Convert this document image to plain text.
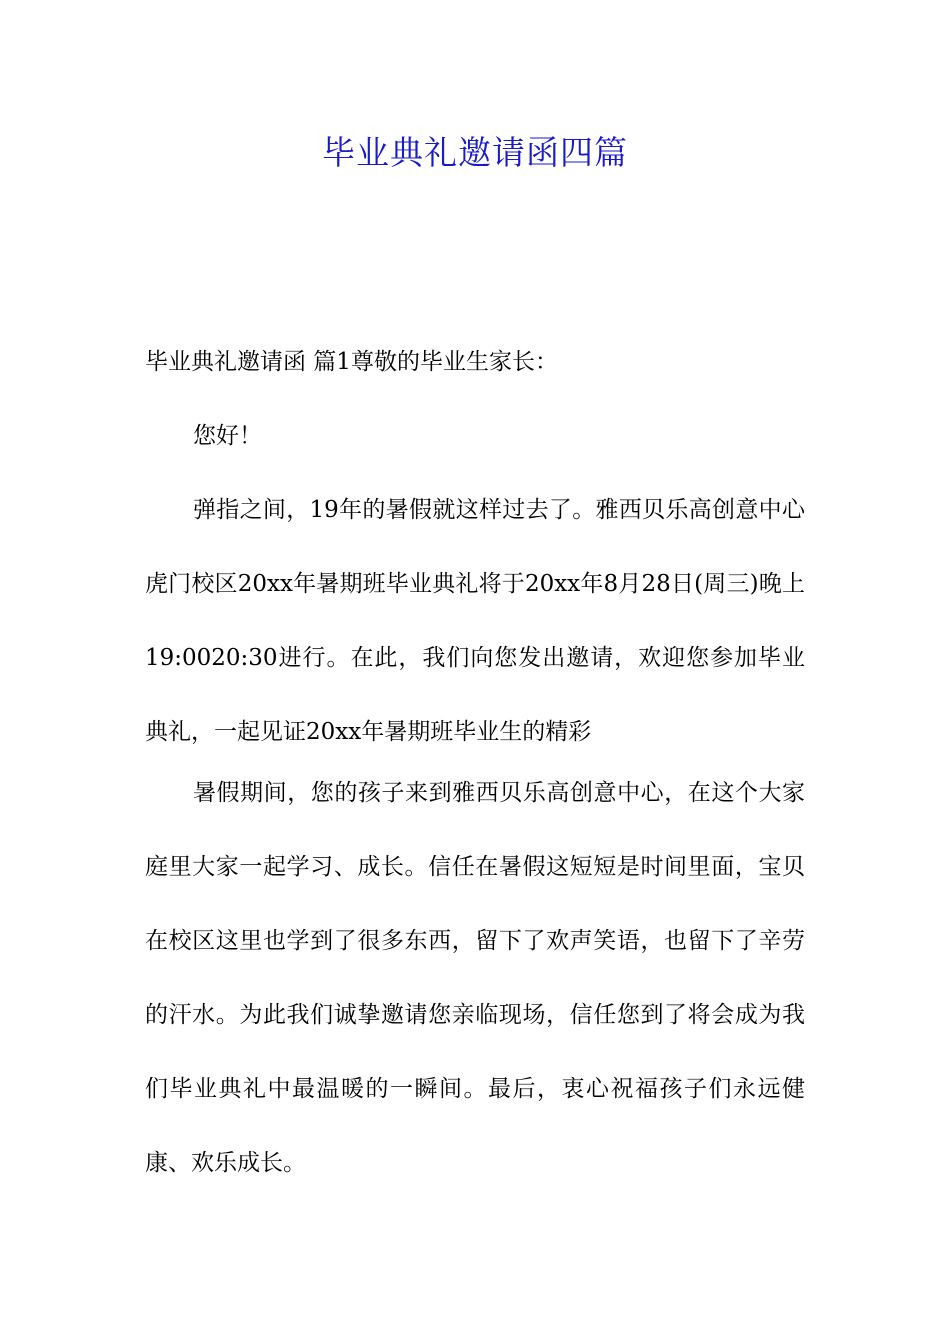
毕业典礼邀请函四篇

毕业典礼邀请函 篇1尊敬的毕业生家长：

您好！

弹指之间，19年的暑假就这样过去了。雅西贝乐高创意中心虎门校区20xx年暑期班毕业典礼将于20xx年8月28日(周三)晚上19:0020:30进行。在此，我们向您发出邀请，欢迎您参加毕业典礼，一起见证20xx年暑期班毕业生的精彩

暑假期间，您的孩子来到雅西贝乐高创意中心，在这个大家庭里大家一起学习、成长。信任在暑假这短短是时间里面，宝贝在校区这里也学到了很多东西，留下了欢声笑语，也留下了辛劳的汗水。为此我们诚挚邀请您亲临现场，信任您到了将会成为我们毕业典礼中最温暖的一瞬间。最后，衷心祝福孩子们永远健康、欢乐成长。
